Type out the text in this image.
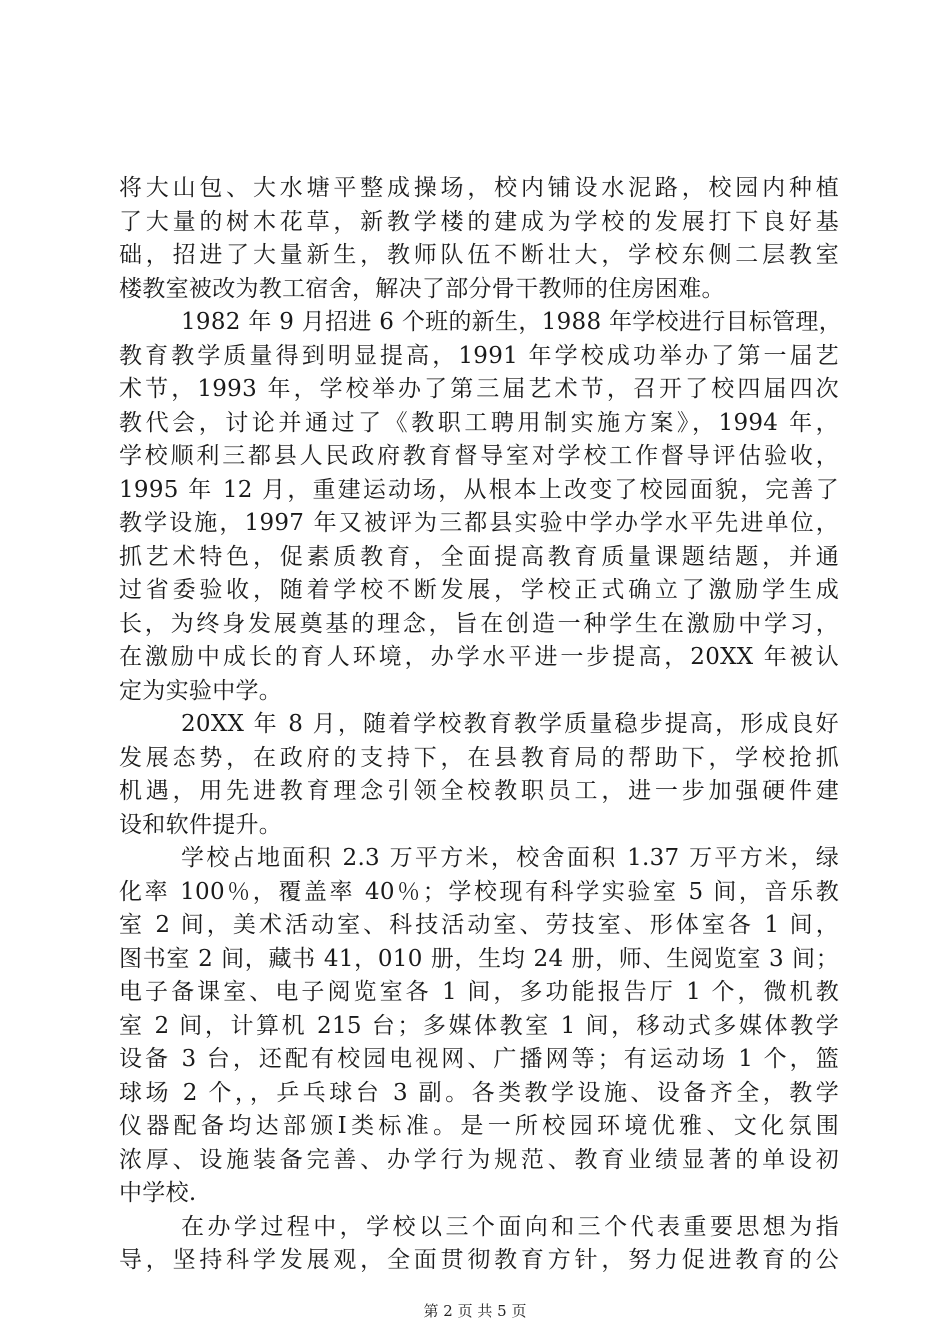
将大山包、大水塘平整成操场，校内铺设水泥路，校园内种植
了大量的树木花草，新教学楼的建成为学校的发展打下良好基
础，招进了大量新生，教师队伍不断壮大，学校东侧二层教室
楼教室被改为教工宿舍，解决了部分骨干教师的住房困难。
1982 年 9 月招进 6 个班的新生，1988 年学校进行目标管理，
教育教学质量得到明显提高，1991 年学校成功举办了第一届艺
术节，1993 年，学校举办了第三届艺术节，召开了校四届四次
教代会，讨论并通过了《教职工聘用制实施方案》，1994 年，
学校顺利三都县人民政府教育督导室对学校工作督导评估验收，
1995 年 12 月，重建运动场，从根本上改变了校园面貌，完善了
教学设施，1997 年又被评为三都县实验中学办学水平先进单位，
抓艺术特色，促素质教育，全面提高教育质量课题结题，并通
过省委验收，随着学校不断发展，学校正式确立了激励学生成
长，为终身发展奠基的理念，旨在创造一种学生在激励中学习，
在激励中成长的育人环境，办学水平进一步提高，20XX 年被认
定为实验中学。
20XX 年 8 月，随着学校教育教学质量稳步提高，形成良好
发展态势，在政府的支持下，在县教育局的帮助下，学校抢抓
机遇，用先进教育理念引领全校教职员工，进一步加强硬件建
设和软件提升。
学校占地面积 2.3 万平方米，校舍面积 1.37 万平方米，绿
化率 100％，覆盖率 40％；学校现有科学实验室 5 间，音乐教
室 2 间，美术活动室、科技活动室、劳技室、形体室各 1 间，
图书室 2 间，藏书 41，010 册，生均 24 册，师、生阅览室 3 间；
电子备课室、电子阅览室各 1 间，多功能报告厅 1 个，微机教
室 2 间，计算机 215 台；多媒体教室 1 间，移动式多媒体教学
设备 3 台，还配有校园电视网、广播网等；有运动场 1 个，篮
球场 2 个，，乒乓球台 3 副。各类教学设施、设备齐全，教学
仪器配备均达部颁Ⅰ类标准。是一所校园环境优雅、文化氛围
浓厚、设施装备完善、办学行为规范、教育业绩显著的单设初
中学校.
在办学过程中，学校以三个面向和三个代表重要思想为指
导，坚持科学发展观，全面贯彻教育方针，努力促进教育的公
第 2 页 共 5 页
